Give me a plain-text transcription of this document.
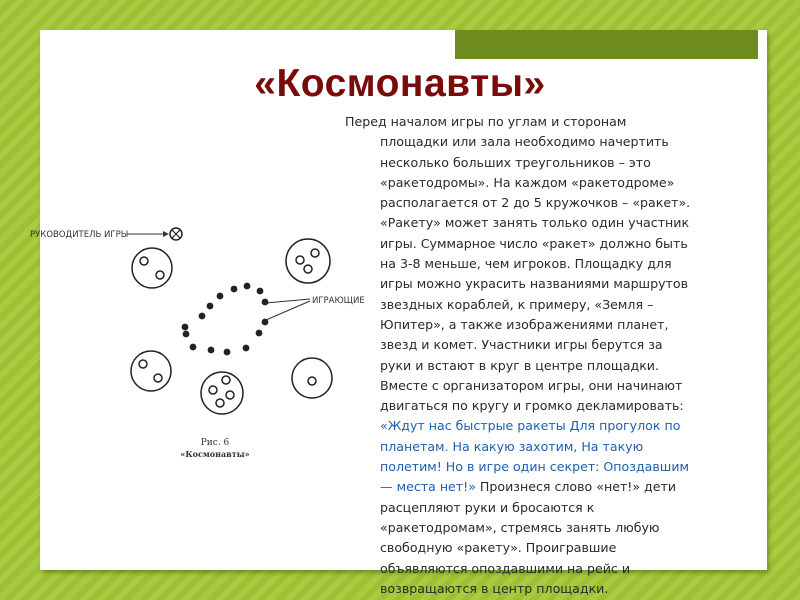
«Космонавты»
РУКОВОДИТЕЛЬ ИГРЫ
ИГРАЮЩИЕ
Рис. 6
«Космонавты»
Перед началом игры по углам и сторонам
площадки или зала необходимо начертить
несколько больших треугольников – это
«ракетодромы». На каждом «ракетодроме»
располагается от 2 до 5 кружочков – «ракет».
«Ракету» может занять только один участник
игры. Суммарное число «ракет» должно быть
на 3-8 меньше, чем игроков. Площадку для
игры можно украсить названиями маршрутов
звездных кораблей, к примеру, «Земля –
Юпитер», а также изображениями планет,
звезд и комет. Участники игры берутся за
руки и встают в круг в центре площадки.
Вместе с организатором игры, они начинают
двигаться по кругу и громко декламировать:
«Ждут нас быстрые ракеты Для прогулок по
планетам. На какую захотим, На такую
полетим! Но в игре один секрет: Опоздавшим
— места нет!» Произнеся слово «нет!» дети
расцепляют руки и бросаются к
«ракетодромам», стремясь занять любую
свободную «ракету». Проигравшие
объявляются опоздавшими на рейс и
возвращаются в центр площадки.
